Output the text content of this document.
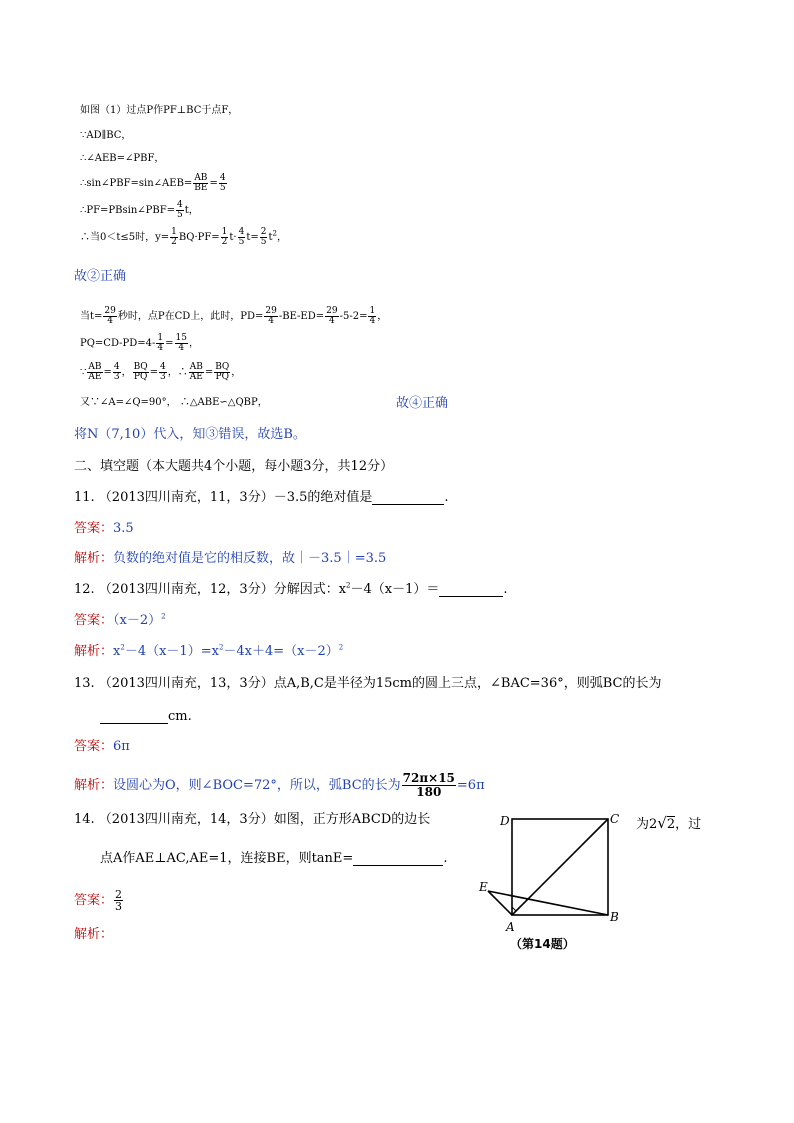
如图（1）过点P作PF⊥BC于点F，
∵AD∥BC，
∴∠AEB=∠PBF，
∴sin∠PBF=sin∠AEB= $\frac{AB}{BE} = \frac{4}{5}$
∴PF=PBsin∠PBF= $\frac{4}{5}$ t，
∴当0＜t≤5时，$y= \frac{1}{2} BQ\cdot PF= \frac{1}{2} t\cdot \frac{4}{5} t= \frac{2}{5} t^2$，
故②正确
当$t= \frac{29}{4}$ 秒时，点P在CD上，此时，$PD= \frac{29}{4} -BE-ED= \frac{29}{4} -5-2= \frac{1}{4}$ ，
$PQ=CD-PD=4- \frac{1}{4} = \frac{15}{4}$ ，
∵ $\frac{AB}{AE} = \frac{4}{3}$ ， $\frac{BQ}{PQ} = \frac{4}{3}$ ，∴ $\frac{AB}{AE} = \frac{BQ}{PQ}$ ，
又∵∠A=∠Q=90°， ∴△ABE∽△QBP，	故④正确
将N（7,10）代入，知③错误，故选B。
二、填空题（本大题共4个小题，每小题3分，共12分）
11. （2013四川南充，11，3分）－3.5的绝对值是	.
答案：3.5
解析：负数的绝对值是它的相反数，故｜－3.5｜=3.5
12. （2013四川南充，12，3分）分解因式：$x^2-4(x-1)=$	.
答案：$(x-2)^2$
解析：$x^2-4(x-1)=x^2-4x+4=(x-2)^2$
13. （2013四川南充，13，3分）点A,B,C是半径为15cm的圆上三点，∠BAC=36°，则弧BC的长为
cm.
答案：6π
解析：设圆心为O，则∠BOC=72°，所以，弧BC的长为 $\frac{72\pi\times 15}{180} =6\pi$
14. （2013四川南充，14，3分）如图，正方形ABCD的边长	为2√2，过
点A作AE⊥AC,AE=1，连接BE，则tanE=	.
答案： $\frac{2}{3}$
解析：
D	C
E
A
B
（第14题）
